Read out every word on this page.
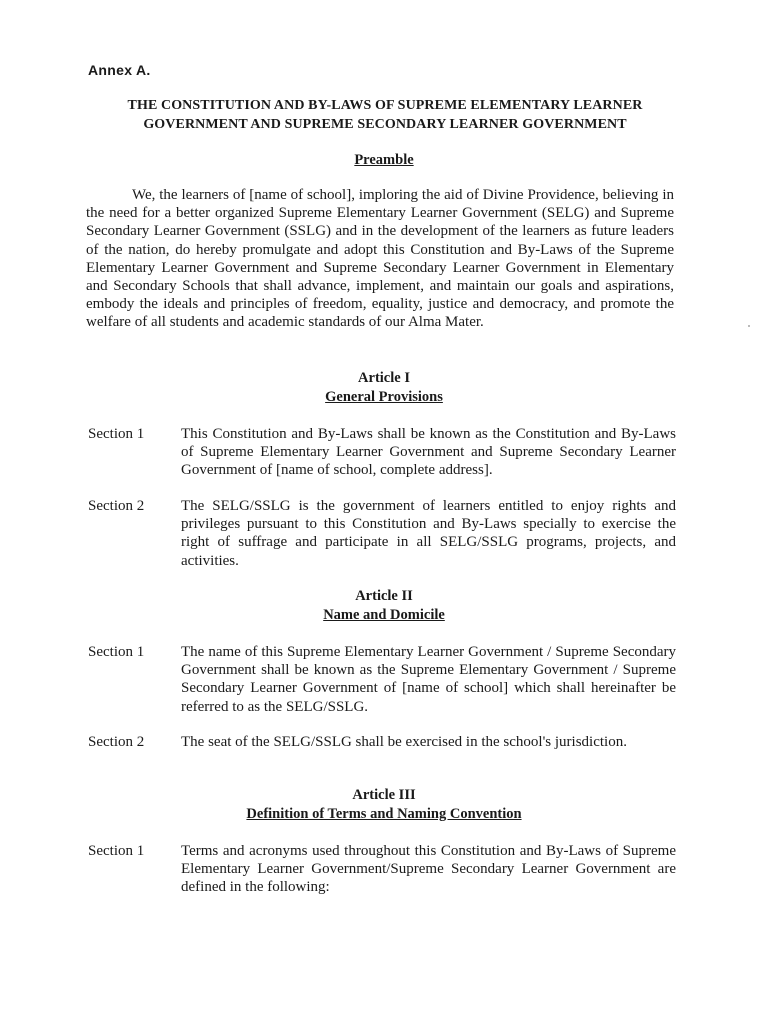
Annex A.
THE CONSTITUTION AND BY-LAWS OF SUPREME ELEMENTARY LEARNER
GOVERNMENT AND SUPREME SECONDARY LEARNER GOVERNMENT
Preamble
We, the learners of [name of school], imploring the aid of Divine Providence, believing in the need for a better organized Supreme Elementary Learner Government (SELG) and Supreme Secondary Learner Government (SSLG) and in the development of the learners as future leaders of the nation, do hereby promulgate and adopt this Constitution and By-Laws of the Supreme Elementary Learner Government and Supreme Secondary Learner Government in Elementary and Secondary Schools that shall advance, implement, and maintain our goals and aspirations, embody the ideals and principles of freedom, equality, justice and democracy, and promote the welfare of all students and academic standards of our Alma Mater.
Article I
General Provisions
Section 1 This Constitution and By-Laws shall be known as the Constitution and By-Laws of Supreme Elementary Learner Government and Supreme Secondary Learner Government of [name of school, complete address].
Section 2 The SELG/SSLG is the government of learners entitled to enjoy rights and privileges pursuant to this Constitution and By-Laws specially to exercise the right of suffrage and participate in all SELG/SSLG programs, projects, and activities.
Article II
Name and Domicile
Section 1 The name of this Supreme Elementary Learner Government / Supreme Secondary Government shall be known as the Supreme Elementary Government / Supreme Secondary Learner Government of [name of school] which shall hereinafter be referred to as the SELG/SSLG.
Section 2 The seat of the SELG/SSLG shall be exercised in the school's jurisdiction.
Article III
Definition of Terms and Naming Convention
Section 1 Terms and acronyms used throughout this Constitution and By-Laws of Supreme Elementary Learner Government/Supreme Secondary Learner Government are defined in the following:
